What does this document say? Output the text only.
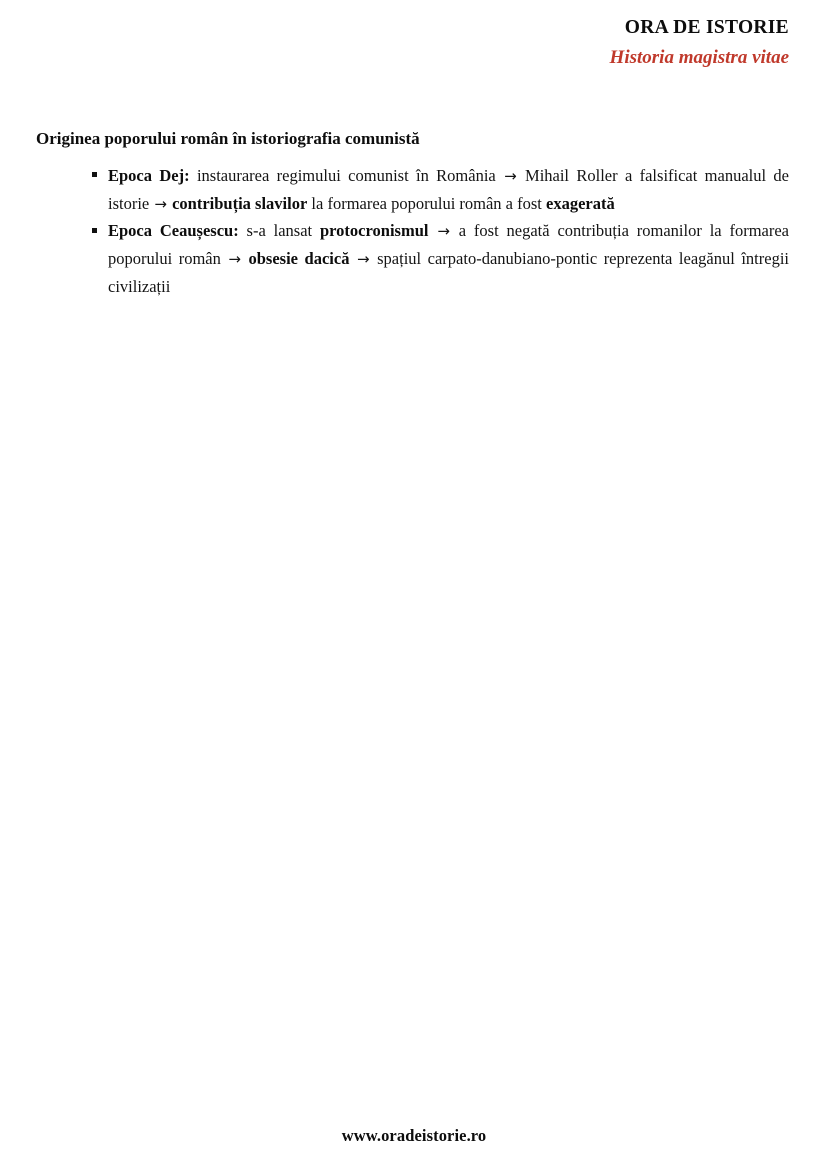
ORA DE ISTORIE
Historia magistra vitae
Originea poporului român în istoriografia comunistă
Epoca Dej: instaurarea regimului comunist în România → Mihail Roller a falsificat manualul de istorie → contribuția slavilor la formarea poporului român a fost exagerată
Epoca Ceaușescu: s-a lansat protocronismul → a fost negată contribuția romanilor la formarea poporului român → obsesie dacică → spațiul carpato-danubiano-pontic reprezenta leagănul întregii civilizații
www.oradeistorie.ro
